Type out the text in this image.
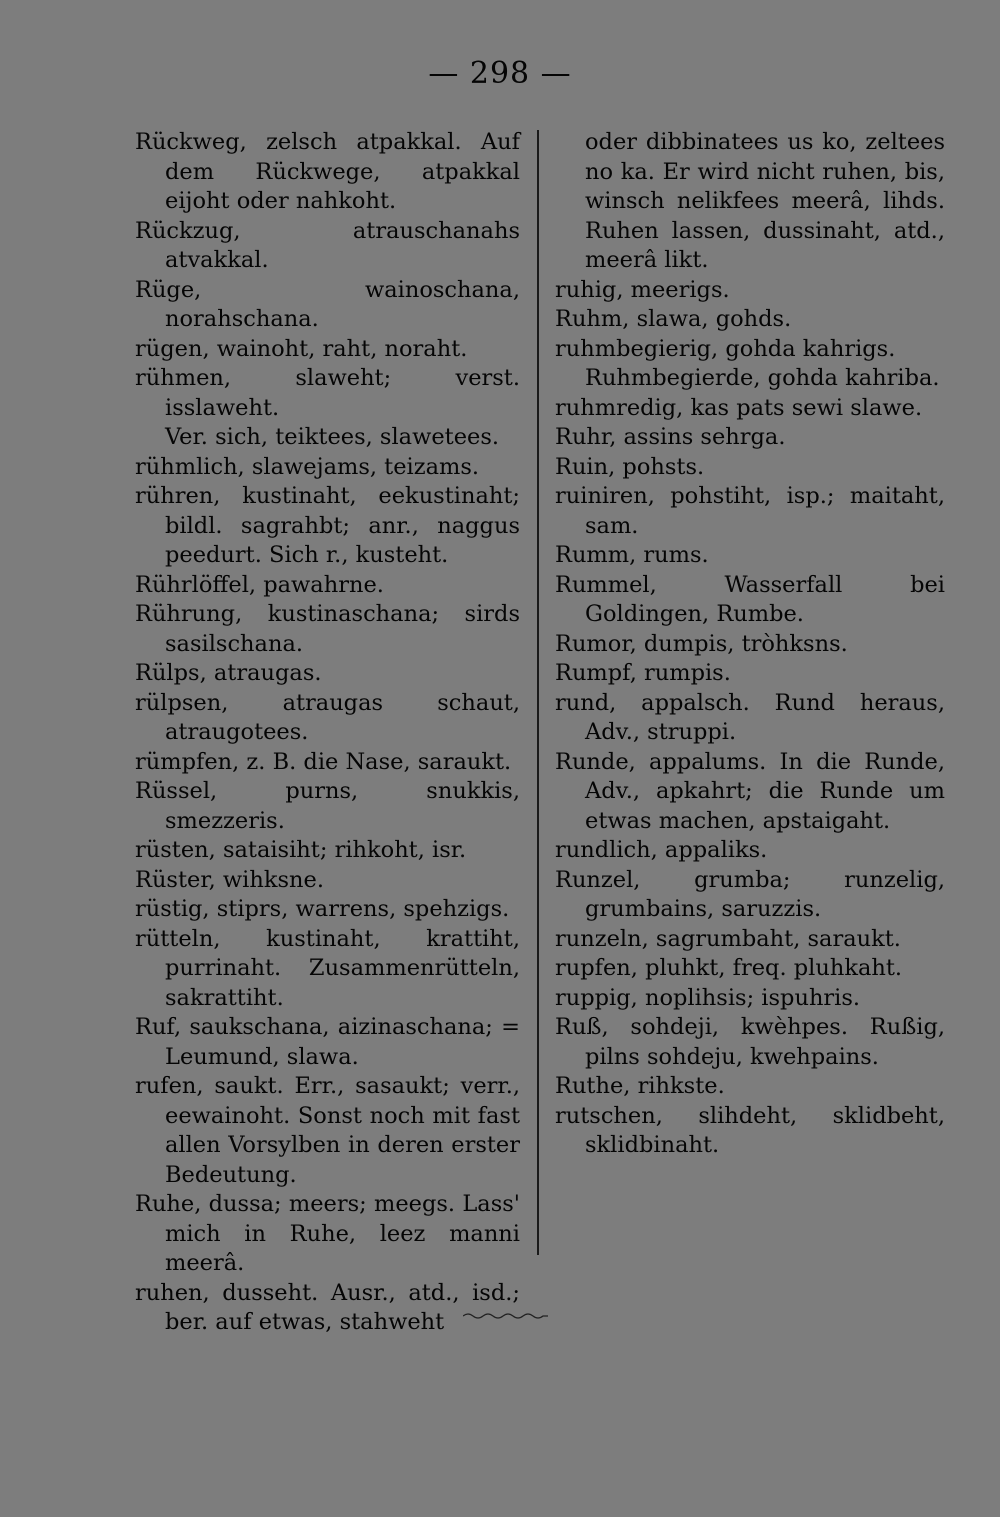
— 298 —
Rückweg, zelsch atpakkal. Auf dem Rückwege, atpakkal eijoht oder nahkoht.
Rückzug, atrauschanahs atvakkal.
Rüge, wainoschana, norahschana.
rügen, wainoht, raht, noraht.
rühmen, slaweht; verst. isslaweht.
Ver. sich, teiktees, slawetees.
rühmlich, slawejams, teizams.
rühren, kustinaht, eekustinaht; bildl. sagrahbt; anr., naggus peedurt. Sich r., kusteht.
Rührlöffel, pawahrne.
Rührung, kustinaschana; sirds sasilschana.
Rülps, atraugas.
rülpsen, atraugas schaut, atraugotees.
rümpfen, z. B. die Nase, saraukt.
Rüssel, purns, snukkis, smezzeris.
rüsten, sataisiht; rihkoht, isr.
Rüster, wihksne.
rüstig, stiprs, warrens, spehzigs.
rütteln, kustinaht, krattiht, purrinaht. Zusammenrütteln, sakrattiht.
Ruf, saukschana, aizinaschana; = Leumund, slawa.
rufen, saukt. Err., sasaukt; verr., eewainoht. Sonst noch mit fast allen Vorsylben in deren erster Bedeutung.
Ruhe, dussa; meers; meegs. Lass' mich in Ruhe, leez manni meerâ.
ruhen, dusseht. Ausr., atd., isd.; ber. auf etwas, stahweht
oder dibbinatees us ko, zeltees no ka. Er wird nicht ruhen, bis, winsch nelikfees meerâ, lihds. Ruhen lassen, dussinaht, atd., meerâ likt.
ruhig, meerigs.
Ruhm, slawa, gohds.
ruhmbegierig, gohda kahrigs.
Ruhmbegierde, gohda kahriba.
ruhmredig, kas pats sewi slawe.
Ruhr, assins sehrga.
Ruin, pohsts.
ruiniren, pohstiht, isp.; maitaht, sam.
Rumm, rums.
Rummel, Wasserfall bei Goldingen, Rumbe.
Rumor, dumpis, tròhksns.
Rumpf, rumpis.
rund, appalsch. Rund heraus, Adv., struppi.
Runde, appalums. In die Runde, Adv., apkahrt; die Runde um etwas machen, apstaigaht.
rundlich, appaliks.
Runzel, grumba; runzelig, grumbains, saruzzis.
runzeln, sagrumbaht, saraukt.
rupfen, pluhkt, freq. pluhkaht.
ruppig, noplihsis; ispuhris.
Ruß, sohdeji, kwèhpes. Rußig, pilns sohdeju, kwehpains.
Ruthe, rihkste.
rutschen, slihdeht, sklidbeht, sklidbinaht.
